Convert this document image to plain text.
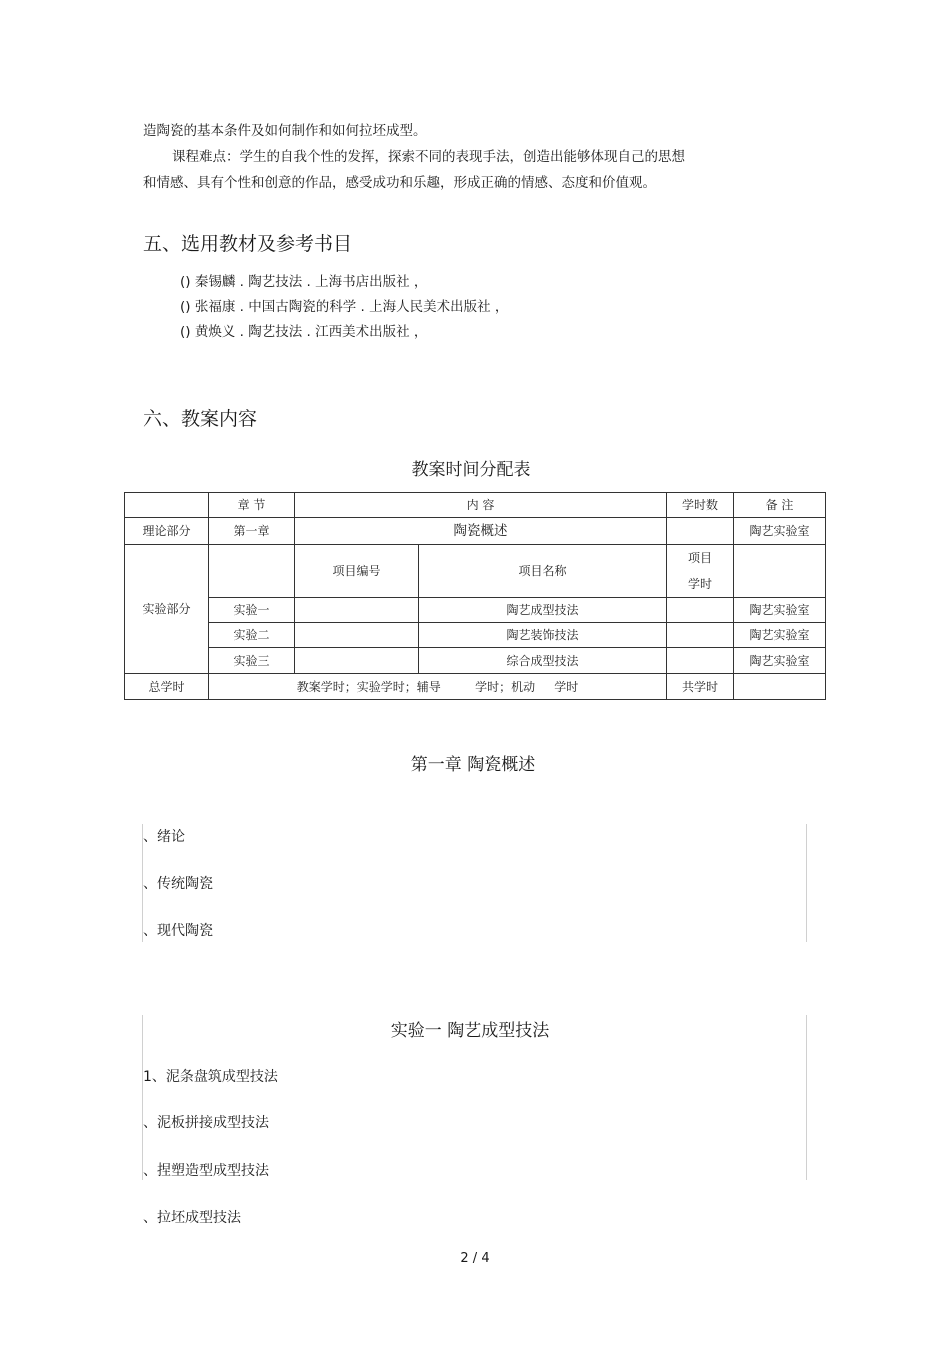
造陶瓷的基本条件及如何制作和如何拉坯成型。
课程难点：学生的自我个性的发挥，探索不同的表现手法，创造出能够体现自己的思想
和情感、具有个性和创意的作品，感受成功和乐趣，形成正确的情感、态度和价值观。
五、选用教材及参考书目
() 秦锡麟 . 陶艺技法 . 上海书店出版社 ，
() 张福康 . 中国古陶瓷的科学 . 上海人民美术出版社 ，
() 黄焕义 . 陶艺技法 . 江西美术出版社 ，
六、教案内容
教案时间分配表
	章 节	内 容		学时数	备 注
理论部分	第一章	陶瓷概述			陶艺实验室
实验部分		项目编号	项目名称	项目
学时	
	实验一		陶艺成型技法		陶艺实验室
	实验二		陶艺装饰技法		陶艺实验室
	实验三		综合成型技法		陶艺实验室
总学时	教案学时；实验学时；辅导         学时；机动     学时			共学时	
第一章 陶瓷概述
、绪论
、传统陶瓷
、现代陶瓷
实验一 陶艺成型技法
1、泥条盘筑成型技法
、泥板拼接成型技法
、捏塑造型成型技法
、拉坯成型技法
2 / 4
